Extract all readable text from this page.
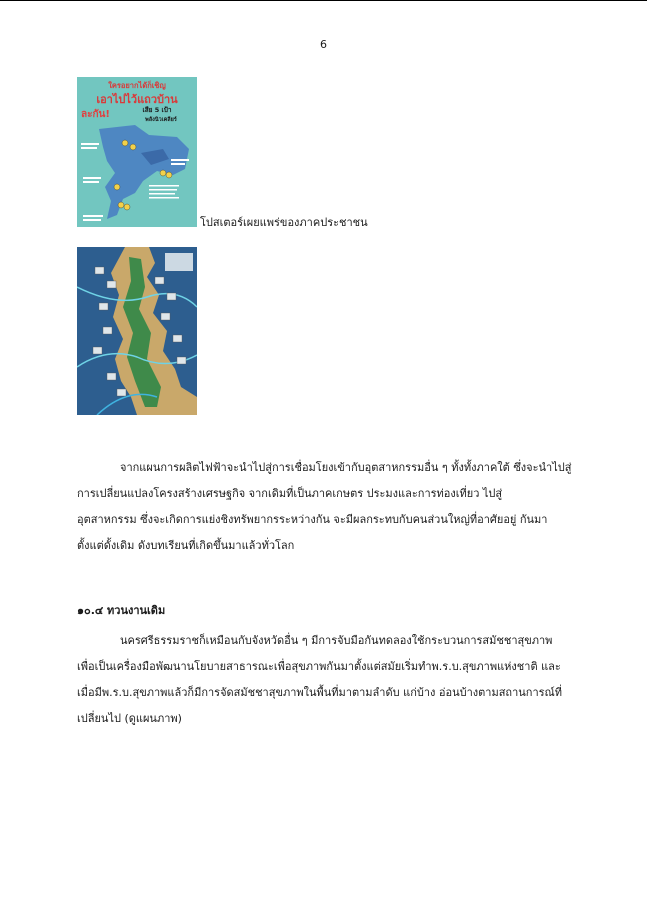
6
ใครอยากได้ก็เชิญ
เอาไปไว้แถวบ้าน
ละกัน!	เสีย 5 เป้า
พลังนิวเคลียร์
โปสเตอร์เผยแพร่ของภาคประชาชน

จากแผนการผลิตไฟฟ้าจะนำไปสู่การเชื่อมโยงเข้ากับอุตสาหกรรมอื่น ๆ ทั้งทั้งภาคใต้ ซึ่งจะนำไปสู่
การเปลี่ยนแปลงโครงสร้างเศรษฐกิจ จากเดิมที่เป็นภาคเกษตร ประมงและการท่องเที่ยว ไปสู่
อุตสาหกรรม ซึ่งจะเกิดการแย่งชิงทรัพยากรระหว่างกัน จะมีผลกระทบกับคนส่วนใหญ่ที่อาศัยอยู่ กันมา
ตั้งแต่ดั้งเดิม ดังบทเรียนที่เกิดขึ้นมาแล้วทั่วโลก

๑๐.๔ ทวนงานเดิม

นครศรีธรรมราชก็เหมือนกับจังหวัดอื่น ๆ มีการจับมือกันทดลองใช้กระบวนการสมัชชาสุขภาพ
เพื่อเป็นเครื่องมือพัฒนานโยบายสาธารณะเพื่อสุขภาพกันมาตั้งแต่สมัยเริ่มทำพ.ร.บ.สุขภาพแห่งชาติ และ
เมื่อมีพ.ร.บ.สุขภาพแล้วก็มีการจัดสมัชชาสุขภาพในพื้นที่มาตามลำดับ แก่บ้าง อ่อนบ้างตามสถานการณ์ที่
เปลี่ยนไป (ดูแผนภาพ)
